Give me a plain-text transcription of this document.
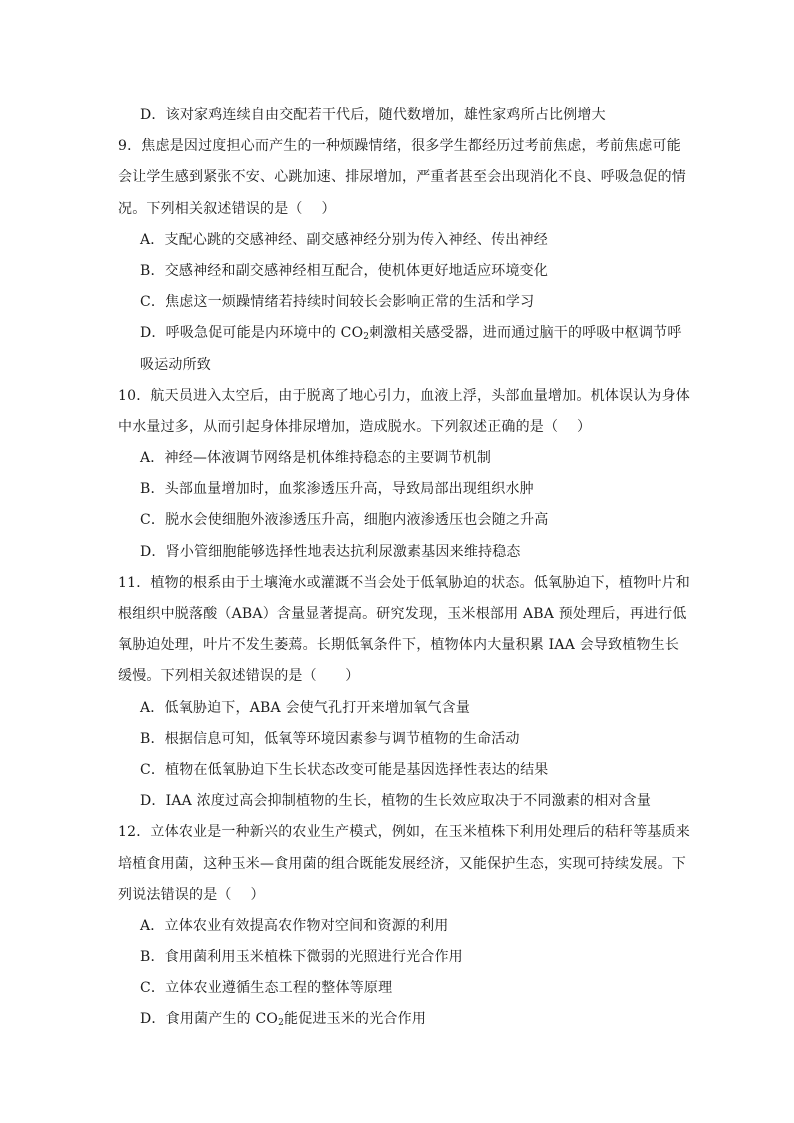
D．该对家鸡连续自由交配若干代后，随代数增加，雄性家鸡所占比例增大
9．焦虑是因过度担心而产生的一种烦躁情绪，很多学生都经历过考前焦虑，考前焦虑可能
会让学生感到紧张不安、心跳加速、排尿增加，严重者甚至会出现消化不良、呼吸急促的情
况。下列相关叙述错误的是（　 ）
A．支配心跳的交感神经、副交感神经分别为传入神经、传出神经
B．交感神经和副交感神经相互配合，使机体更好地适应环境变化
C．焦虑这一烦躁情绪若持续时间较长会影响正常的生活和学习
D．呼吸急促可能是内环境中的 $CO_2$刺激相关感受器，进而通过脑干的呼吸中枢调节呼
吸运动所致
10．航天员进入太空后，由于脱离了地心引力，血液上浮，头部血量增加。机体误认为身体
中水量过多，从而引起身体排尿增加，造成脱水。下列叙述正确的是（　 ）
A．神经—体液调节网络是机体维持稳态的主要调节机制
B．头部血量增加时，血浆渗透压升高，导致局部出现组织水肿
C．脱水会使细胞外液渗透压升高，细胞内液渗透压也会随之升高
D．肾小管细胞能够选择性地表达抗利尿激素基因来维持稳态
11．植物的根系由于土壤淹水或灌溉不当会处于低氧胁迫的状态。低氧胁迫下，植物叶片和
根组织中脱落酸（ABA）含量显著提高。研究发现，玉米根部用 ABA 预处理后，再进行低
氧胁迫处理，叶片不发生萎蔫。长期低氧条件下，植物体内大量积累 IAA 会导致植物生长
缓慢。下列相关叙述错误的是（　　）
A．低氧胁迫下，ABA 会使气孔打开来增加氧气含量
B．根据信息可知，低氧等环境因素参与调节植物的生命活动
C．植物在低氧胁迫下生长状态改变可能是基因选择性表达的结果
D．IAA 浓度过高会抑制植物的生长，植物的生长效应取决于不同激素的相对含量
12．立体农业是一种新兴的农业生产模式，例如，在玉米植株下利用处理后的秸秆等基质来
培植食用菌，这种玉米—食用菌的组合既能发展经济，又能保护生态，实现可持续发展。下
列说法错误的是（　 ）
A．立体农业有效提高农作物对空间和资源的利用
B．食用菌利用玉米植株下微弱的光照进行光合作用
C．立体农业遵循生态工程的整体等原理
D．食用菌产生的 $CO_2$能促进玉米的光合作用
